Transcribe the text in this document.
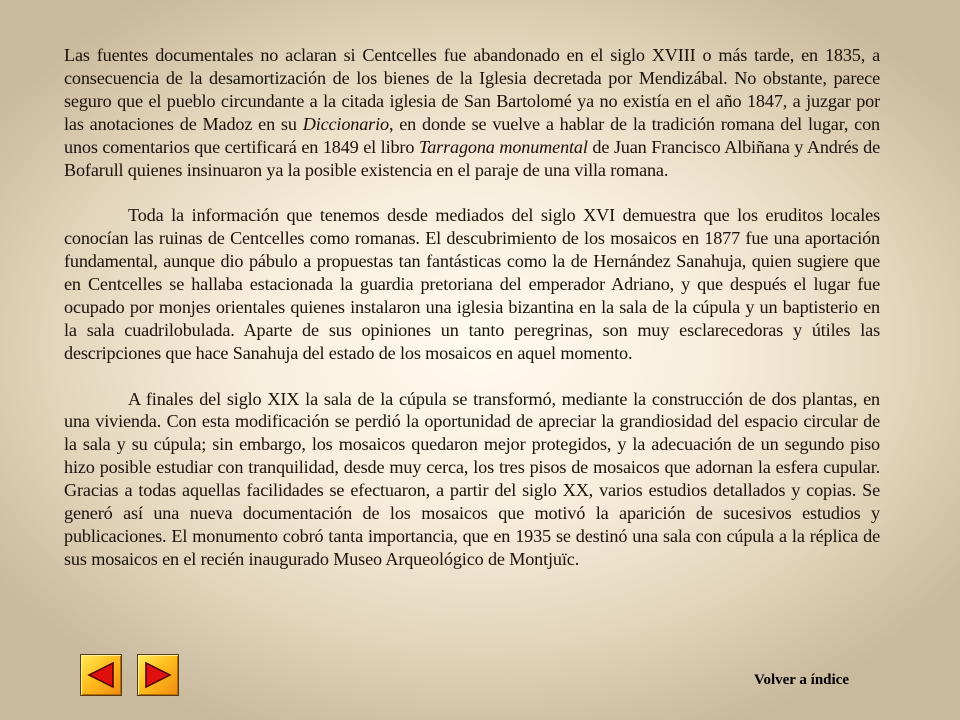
Las fuentes documentales no aclaran si Centcelles fue abandonado en el siglo XVIII o más tarde, en 1835, a consecuencia de la desamortización de los bienes de la Iglesia decretada por Mendizábal. No obstante, parece seguro que el pueblo circundante a la citada iglesia de San Bartolomé ya no existía en el año 1847, a juzgar por las anotaciones de Madoz en su Diccionario, en donde se vuelve a hablar de la tradición romana del lugar, con unos comentarios que certificará en 1849 el libro Tarragona monumental de Juan Francisco Albiñana y Andrés de Bofarull quienes insinuaron ya la posible existencia en el paraje de una villa romana.

Toda la información que tenemos desde mediados del siglo XVI demuestra que los eruditos locales conocían las ruinas de Centcelles como romanas. El descubrimiento de los mosaicos en 1877 fue una aportación fundamental, aunque dio pábulo a propuestas tan fantásticas como la de Hernández Sanahuja, quien sugiere que en Centcelles se hallaba estacionada la guardia pretoriana del emperador Adriano, y que después el lugar fue ocupado por monjes orientales quienes instalaron una iglesia bizantina en la sala de la cúpula y un baptisterio en la sala cuadrilobulada. Aparte de sus opiniones un tanto peregrinas, son muy esclarecedoras y útiles las descripciones que hace Sanahuja del estado de los mosaicos en aquel momento.

A finales del siglo XIX la sala de la cúpula se transformó, mediante la construcción de dos plantas, en una vivienda. Con esta modificación se perdió la oportunidad de apreciar la grandiosidad del espacio circular de la sala y su cúpula; sin embargo, los mosaicos quedaron mejor protegidos, y la adecuación de un segundo piso hizo posible estudiar con tranquilidad, desde muy cerca, los tres pisos de mosaicos que adornan la esfera cupular. Gracias a todas aquellas facilidades se efectuaron, a partir del siglo XX, varios estudios detallados y copias. Se generó así una nueva documentación de los mosaicos que motivó la aparición de sucesivos estudios y publicaciones. El monumento cobró tanta importancia, que en 1935 se destinó una sala con cúpula a la réplica de sus mosaicos en el recién inaugurado Museo Arqueológico de Montjuïc.

Volver a índice
